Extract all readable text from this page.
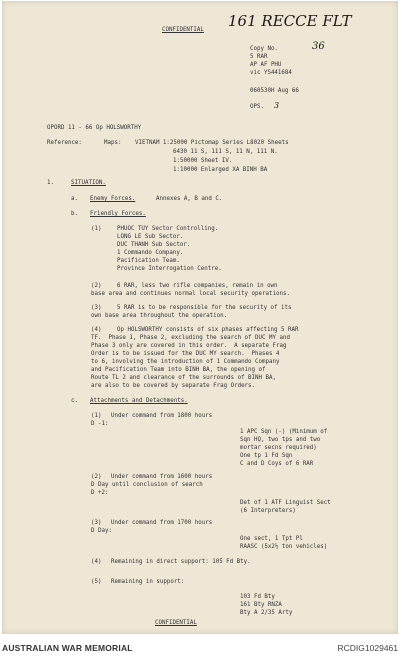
CONFIDENTIAL 161 RECCE FLT
Copy No.	36
5 RAR
AP AF PHU
vic YS441684
060530H Aug 66
OPS. 3
OPORD 11 - 66 Op HOLSWORTHY
Reference:	Maps: VIETNAM 1:25000 Pictomap Series L8020 Sheets
6430 11 S, 111 S, 11 N, 111 N.
1:50000 Sheet IV.
1:10000 Enlarged XA BINH BA
1.	SITUATION.
a. Enemy Forces.	Annexes A, B and C.
b. Friendly Forces.
(1)	PHUOC TUY Sector Controlling.
LONG LE Sub Sector.
DUC THANH Sub Sector.
1 Commando Company.
Pacification Team.
Province Interrogation Centre.
(2)	6 RAR, less two rifle companies, remain in own
base area and continues normal local security operations.
(3)	5 RAR is to be responsible for the security of its
own base area throughout the operation.
(4)	Op HOLSWORTHY consists of six phases affecting 5 RAR
TF.  Phase 1, Phase 2, excluding the search of DUC MY and
Phase 3 only are covered in this order.  A separate Frag
Order is to be issued for the DUC MY search.  Phases 4
to 6, involving the introduction of 1 Commando Company
and Pacification Team into BINH BA, the opening of
Route TL 2 and clearance of the surrounds of BINH BA,
are also to be covered by separate Frag Orders.
c. Attachments and Detachments.
(1) Under command from 1800 hours
D -1:
1 APC Sqn (-) (Minimum of
Sqn HQ, two tps and two
mortar secns required)
One tp 1 Fd Sqn
C and D Coys of 6 RAR
(2) Under command from 1600 hours
D Day until conclusion of search
D +2:
Det of 1 ATF Linguist Sect
(6 Interpreters)
(3) Under command from 1700 hours
D Day:
One sect, 1 Tpt Pl
RAASC (5x2½ ton vehicles)
(4) Remaining in direct support: 105 Fd Bty.
(5) Remaining in support:
103 Fd Bty
161 Bty RNZA
Bty A 2/35 Arty
CONFIDENTIAL
AUSTRALIAN WAR MEMORIAL	RCDIG1029461
